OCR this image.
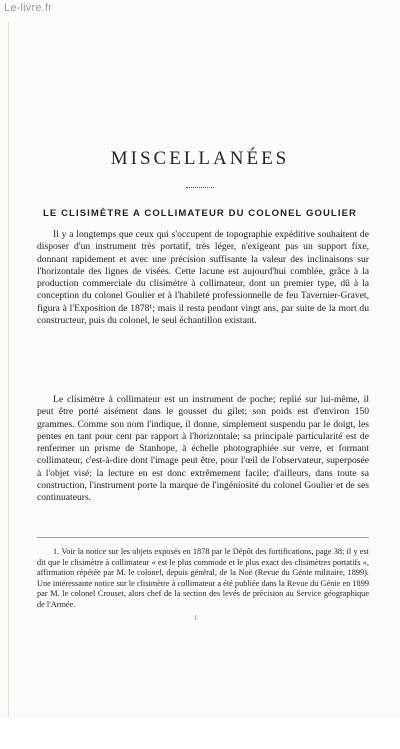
Le-livre.fr
MISCELLANÉES
LE CLISIMÈTRE A COLLIMATEUR DU COLONEL GOULIER

Il y a longtemps que ceux qui s'occupent de topographie expéditive souhaitent de disposer d'un instrument très portatif, très léger, n'exigeant pas un support fixe, donnant rapidement et avec une précision suffisante la valeur des inclinaisons sur l'horizontale des lignes de visées. Cette lacune est aujourd'hui comblée, grâce à la production commerciale du clisimètre à collimateur, dont un premier type, dû à la conception du colonel Goulier et à l'habileté professionnelle de feu Tavernier-Gravet, figura à l'Exposition de 1878¹; mais il resta pendant vingt ans, par suite de la mort du constructeur, puis du colonel, le seul échantillon existant.

Le clisimètre à collimateur est un instrument de poche; replié sur lui-même, il peut être porté aisément dans le gousset du gilet; son poids est d'environ 150 grammes. Comme son nom l'indique, il donne, simplement suspendu par le doigt, les pentes en tant pour cent par rapport à l'horizontale; sa principale particularité est de renfermer un prisme de Stanhope, à échelle photographiée sur verre, et formant collimateur, c'est-à-dire dont l'image peut être, pour l'œil de l'observateur, superposée à l'objet visé; la lecture en est donc extrêmement facile; d'ailleurs, dans toute sa construction, l'instrument porte la marque de l'ingéniosité du colonel Goulier et de ses continuateurs.

1. Voir la notice sur les objets exposés en 1878 par le Dépôt des fortifications, page 38; il y est dit que le clisimètre à collimateur « est le plus commode et le plus exact des clisimètres portatifs », affirmation répétée par M. le colonel, depuis général, de la Noë (Revue du Génie militaire, 1899). Une intéressante notice sur le clisimètre à collimateur a été publiée dans la Revue du Génie en 1899 par M. le colonel Crouset, alors chef de la section des levés de précision au Service géographique de l'Armée.

1
